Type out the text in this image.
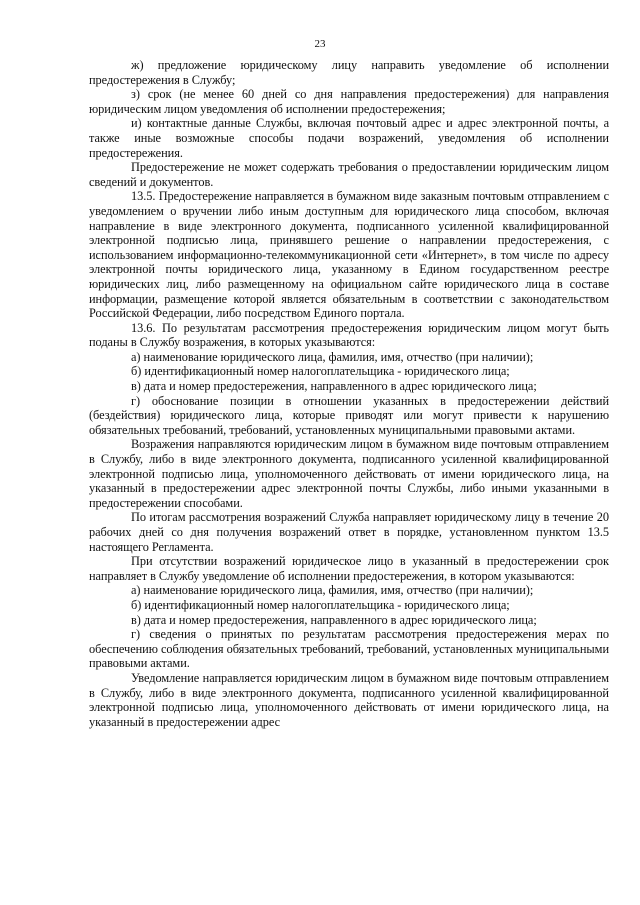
23

ж) предложение юридическому лицу направить уведомление об исполнении предостережения в Службу;

з) срок (не менее 60 дней со дня направления предостережения) для направления юридическим лицом уведомления об исполнении предостережения;

и) контактные данные Службы, включая почтовый адрес и адрес электронной почты, а также иные возможные способы подачи возражений, уведомления об исполнении предостережения.

Предостережение не может содержать требования о предоставлении юридическим лицом сведений и документов.

13.5. Предостережение направляется в бумажном виде заказным почтовым отправлением с уведомлением о вручении либо иным доступным для юридического лица способом, включая направление в виде электронного документа, подписанного усиленной квалифицированной электронной подписью лица, принявшего решение о направлении предостережения, с использованием информационно-телекоммуникационной сети «Интернет», в том числе по адресу электронной почты юридического лица, указанному в Едином государственном реестре юридических лиц, либо размещенному на официальном сайте юридического лица в составе информации, размещение которой является обязательным в соответствии с законодательством Российской Федерации, либо посредством Единого портала.

13.6. По результатам рассмотрения предостережения юридическим лицом могут быть поданы в Службу возражения, в которых указываются:

а) наименование юридического лица, фамилия, имя, отчество (при наличии);

б) идентификационный номер налогоплательщика - юридического лица;

в) дата и номер предостережения, направленного в адрес юридического лица;

г) обоснование позиции в отношении указанных в предостережении действий (бездействия) юридического лица, которые приводят или могут привести к нарушению обязательных требований, требований, установленных муниципальными правовыми актами.

Возражения направляются юридическим лицом в бумажном виде почтовым отправлением в Службу, либо в виде электронного документа, подписанного усиленной квалифицированной электронной подписью лица, уполномоченного действовать от имени юридического лица, на указанный в предостережении адрес электронной почты Службы, либо иными указанными в предостережении способами.

По итогам рассмотрения возражений Служба направляет юридическому лицу в течение 20 рабочих дней со дня получения возражений ответ в порядке, установленном пунктом 13.5 настоящего Регламента.

При отсутствии возражений юридическое лицо в указанный в предостережении срок направляет в Службу уведомление об исполнении предостережения, в котором указываются:

а) наименование юридического лица, фамилия, имя, отчество (при наличии);

б) идентификационный номер налогоплательщика - юридического лица;

в) дата и номер предостережения, направленного в адрес юридического лица;

г) сведения о принятых по результатам рассмотрения предостережения мерах по обеспечению соблюдения обязательных требований, требований, установленных муниципальными правовыми актами.

Уведомление направляется юридическим лицом в бумажном виде почтовым отправлением в Службу, либо в виде электронного документа, подписанного усиленной квалифицированной электронной подписью лица, уполномоченного действовать от имени юридического лица, на указанный в предостережении адрес
